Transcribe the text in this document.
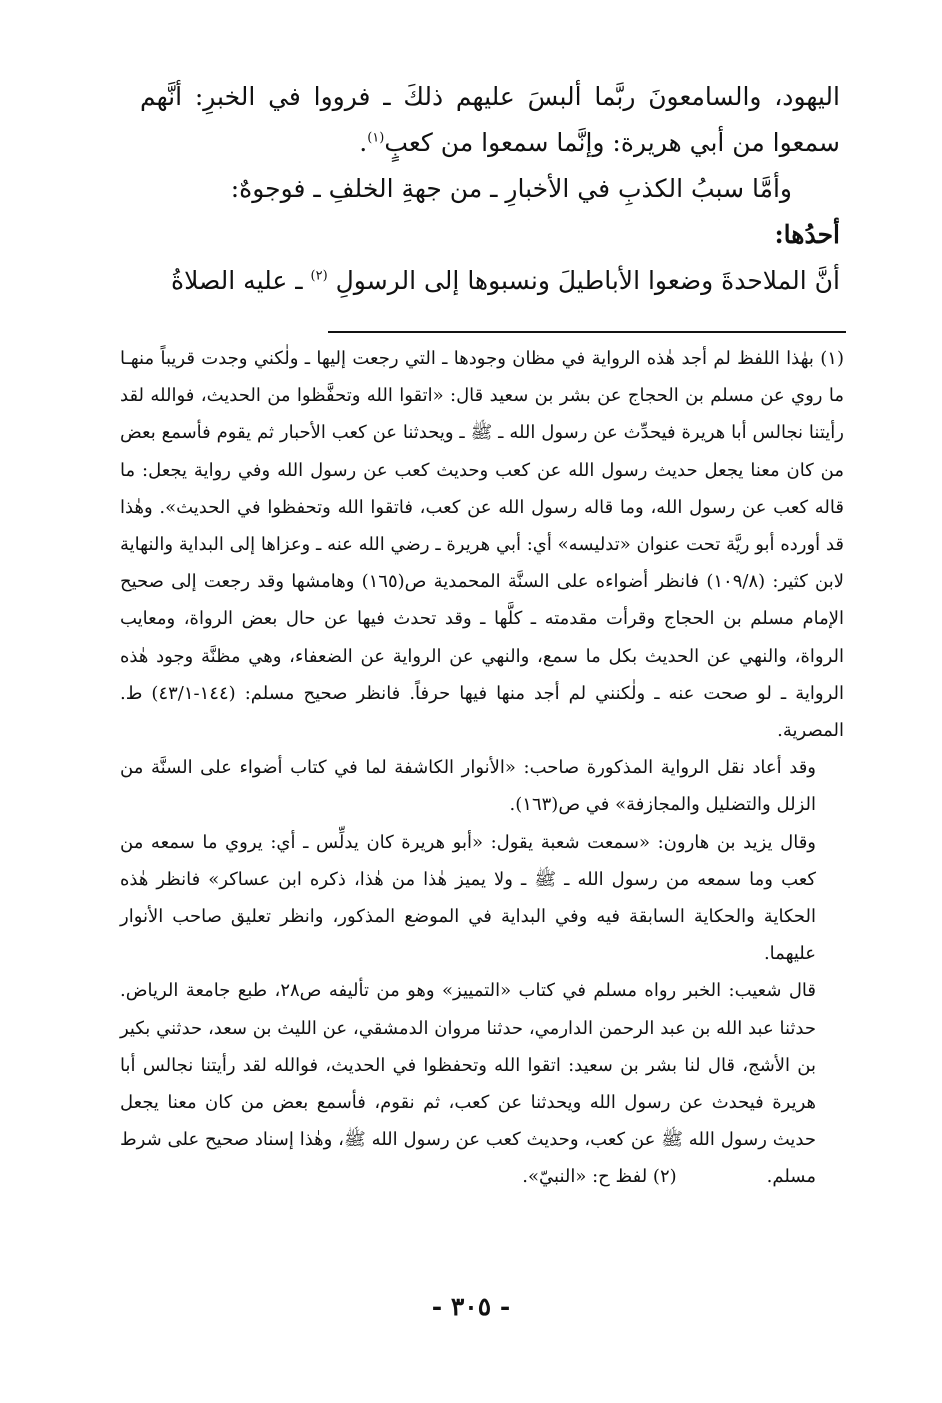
اليهود، والسامعونَ ربَّما ألبسَ عليهم ذلكَ ـ فرووا في الخبرِ: أنَّهم سمعوا من أبي هريرة: وإنَّما سمعوا من كعبٍ$^{(١)}$.

وأمَّا سببُ الكذبِ في الأخبارِ ـ من جهةِ الخلفِ ـ فوجوهٌ:

أحدُها:

أنَّ الملاحدةَ وضعوا الأباطيلَ ونسبوها إلى الرسولِ $^{(٢)}$ ـ عليه الصلاةُ

(١) بهٰذا اللفظ لم أجد هٰذه الرواية في مظان وجودها ـ التي رجعت إليها ـ ولٰكني وجدت قريباً منهـا ما روي عن مسلم بن الحجاج عن بشر بن سعيد قال: «اتقوا الله وتحفَّظوا من الحديث، فوالله لقد رأيتنا نجالس أبا هريرة فيحدِّث عن رسول الله ـ ﷺ ـ ويحدثنا عن كعب الأحبار ثم يقوم فأسمع بعض من كان معنا يجعل حديث رسول الله عن كعب وحديث كعب عن رسول الله وفي رواية يجعل: ما قاله كعب عن رسول الله، وما قاله رسول الله عن كعب، فاتقوا الله وتحفظوا في الحديث». وهٰذا قد أورده أبو ريَّة تحت عنوان «تدليسه» أي: أبي هريرة ـ رضي الله عنه ـ وعزاها إلى البداية والنهاية لابن كثير: (١٠٩/٨) فانظر أضواءه على السنَّة المحمدية ص(١٦٥) وهامشها وقد رجعت إلى صحيح الإمام مسلم بن الحجاج وقرأت مقدمته ـ كلَّها ـ وقد تحدث فيها عن حال بعض الرواة، ومعايب الرواة، والنهي عن الحديث بكل ما سمع، والنهي عن الرواية عن الضعفاء، وهي مظنَّة وجود هٰذه الرواية ـ لو صحت عنه ـ ولٰكنني لم أجد منها فيها حرفاً. فانظر صحيح مسلم: (١٤٤-٤٣/١) ط. المصرية.

وقد أعاد نقل الرواية المذكورة صاحب: «الأنوار الكاشفة لما في كتاب أضواء على السنَّة من الزلل والتضليل والمجازفة» في ص(١٦٣).

وقال يزيد بن هارون: «سمعت شعبة يقول: «أبو هريرة كان يدلِّس ـ أي: يروي ما سمعه من كعب وما سمعه من رسول الله ـ ﷺ ـ ولا يميز هٰذا من هٰذا، ذكره ابن عساكر» فانظر هٰذه الحكاية والحكاية السابقة فيه وفي البداية في الموضع المذكور، وانظر تعليق صاحب الأنوار عليهما.

قال شعيب: الخبر رواه مسلم في كتاب «التمييز» وهو من تأليفه ص٢٨، طبع جامعة الرياض. حدثنا عبد الله بن عبد الرحمن الدارمي، حدثنا مروان الدمشقي، عن الليث بن سعد، حدثني بكير بن الأشج، قال لنا بشر بن سعيد: اتقوا الله وتحفظوا في الحديث، فوالله لقد رأيتنا نجالس أبا هريرة فيحدث عن رسول الله ويحدثنا عن كعب، ثم نقوم، فأسمع بعض من كان معنا يجعل حديث رسول الله ﷺ عن كعب، وحديث كعب عن رسول الله ﷺ، وهٰذا إسناد صحيح على شرط مسلم.(٢) لفظ ح: «النبيّ».

- ٣٠٥ -
